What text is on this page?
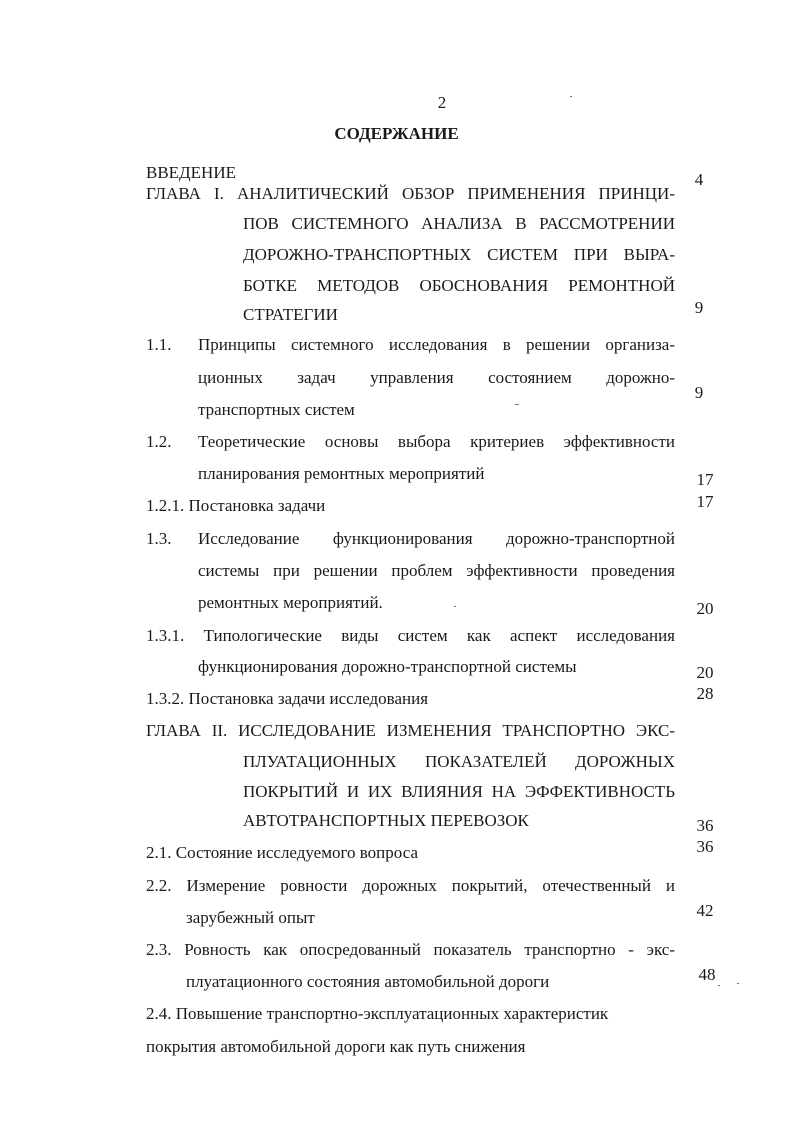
2
СОДЕРЖАНИЕ
ВВЕДЕНИЕ	4
ГЛАВА I. АНАЛИТИЧЕСКИЙ ОБЗОР ПРИМЕНЕНИЯ ПРИНЦИ-
ПОВ СИСТЕМНОГО АНАЛИЗА В РАССМОТРЕНИИ
ДОРОЖНО-ТРАНСПОРТНЫХ СИСТЕМ ПРИ ВЫРА-
БОТКЕ МЕТОДОВ ОБОСНОВАНИЯ РЕМОНТНОЙ
СТРАТЕГИИ	9
1.1. Принципы системного исследования в решении организа-
ционных задач управления состоянием дорожно-
транспортных систем
9
1.2. Теоретические основы выбора критериев эффективности
планирования ремонтных мероприятий	17
1.2.1. Постановка задачи	17
1.3. Исследование функционирования дорожно-транспортной
системы при решении проблем эффективности проведения
ремонтных мероприятий.	20
1.3.1. Типологические виды систем как аспект исследования
функционирования дорожно-транспортной системы	20
1.3.2. Постановка задачи исследования	28
ГЛАВА II. ИССЛЕДОВАНИЕ ИЗМЕНЕНИЯ ТРАНСПОРТНО ЭКС-
ПЛУАТАЦИОННЫХ ПОКАЗАТЕЛЕЙ ДОРОЖНЫХ
ПОКРЫТИЙ И ИХ ВЛИЯНИЯ НА ЭФФЕКТИВНОСТЬ
АВТОТРАНСПОРТНЫХ ПЕРЕВОЗОК	36
2.1. Состояние исследуемого вопроса	36
2.2. Измерение ровности дорожных покрытий, отечественный и
зарубежный опыт	42
2.3. Ровность как опосредованный показатель транспортно - экс-
плуатационного состояния автомобильной дороги	48
2.4. Повышение транспортно-эксплуатационных характеристик
покрытия автомобильной дороги как путь снижения
